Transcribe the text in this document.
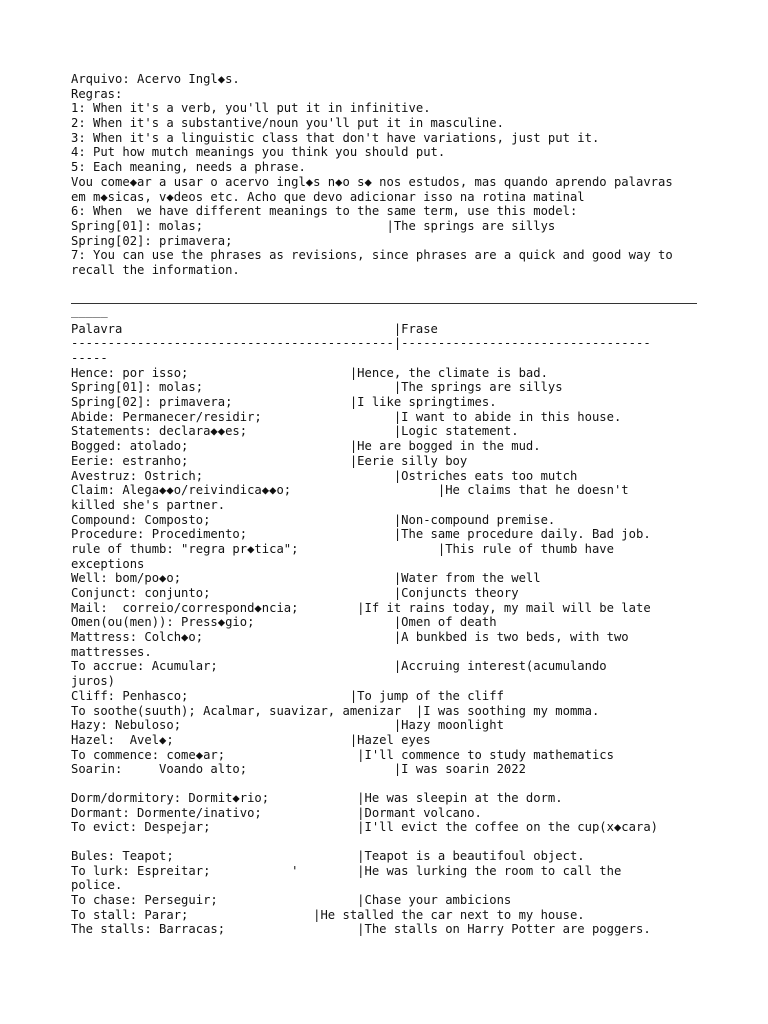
Arquivo: Acervo Ingl◆s.
Regras:
1: When it's a verb, you'll put it in infinitive.
2: When it's a substantive/noun you'll put it in masculine.
3: When it's a linguistic class that don't have variations, just put it.
4: Put how mutch meanings you think you should put.
5: Each meaning, needs a phrase.
Vou come◆ar a usar o acervo ingl◆s n◆o s◆ nos estudos, mas quando aprendo palavras
em m◆sicas, v◆deos etc. Acho que devo adicionar isso na rotina matinal
6: When  we have different meanings to the same term, use this model:
Spring[01]: molas;                         |The springs are sillys
Spring[02]: primavera;
7: You can use the phrases as revisions, since phrases are a quick and good way to
recall the information.
_____
Palavra                                     |Frase
--------------------------------------------|----------------------------------
-----
Hence: por isso;                      |Hence, the climate is bad.
Spring[01]: molas;                          |The springs are sillys
Spring[02]: primavera;                |I like springtimes.
Abide: Permanecer/residir;                  |I want to abide in this house.
Statements: declara◆◆es;                    |Logic statement.
Bogged: atolado;                      |He are bogged in the mud.
Eerie: estranho;                      |Eerie silly boy
Avestruz: Ostrich;                          |Ostriches eats too mutch
Claim: Alega◆◆o/reivindica◆◆o;                    |He claims that he doesn't
killed she's partner.
Compound: Composto;                         |Non-compound premise.
Procedure: Procedimento;                    |The same procedure daily. Bad job.
rule of thumb: "regra pr◆tica";                   |This rule of thumb have
exceptions
Well: bom/po◆o;                             |Water from the well
Conjunct: conjunto;                         |Conjuncts theory
Mail:  correio/correspond◆ncia;        |If it rains today, my mail will be late
Omen(ou(men)): Press◆gio;                   |Omen of death
Mattress: Colch◆o;                          |A bunkbed is two beds, with two
mattresses.
To accrue: Acumular;                        |Accruing interest(acumulando
juros)
Cliff: Penhasco;                      |To jump of the cliff
To soothe(suuth); Acalmar, suavizar, amenizar  |I was soothing my momma.
Hazy: Nebuloso;                             |Hazy moonlight
Hazel:  Avel◆;                        |Hazel eyes
To commence: come◆ar;                  |I'll commence to study mathematics
Soarin:     Voando alto;                    |I was soarin 2022
Dorm/dormitory: Dormit◆rio;            |He was sleepin at the dorm.
Dormant: Dormente/inativo;             |Dormant volcano.
To evict: Despejar;                    |I'll evict the coffee on the cup(x◆cara)
Bules: Teapot;                         |Teapot is a beautifoul object.
To lurk: Espreitar;           '        |He was lurking the room to call the
police.
To chase: Perseguir;                   |Chase your ambicions
To stall: Parar;                 |He stalled the car next to my house.
The stalls: Barracas;                  |The stalls on Harry Potter are poggers.
